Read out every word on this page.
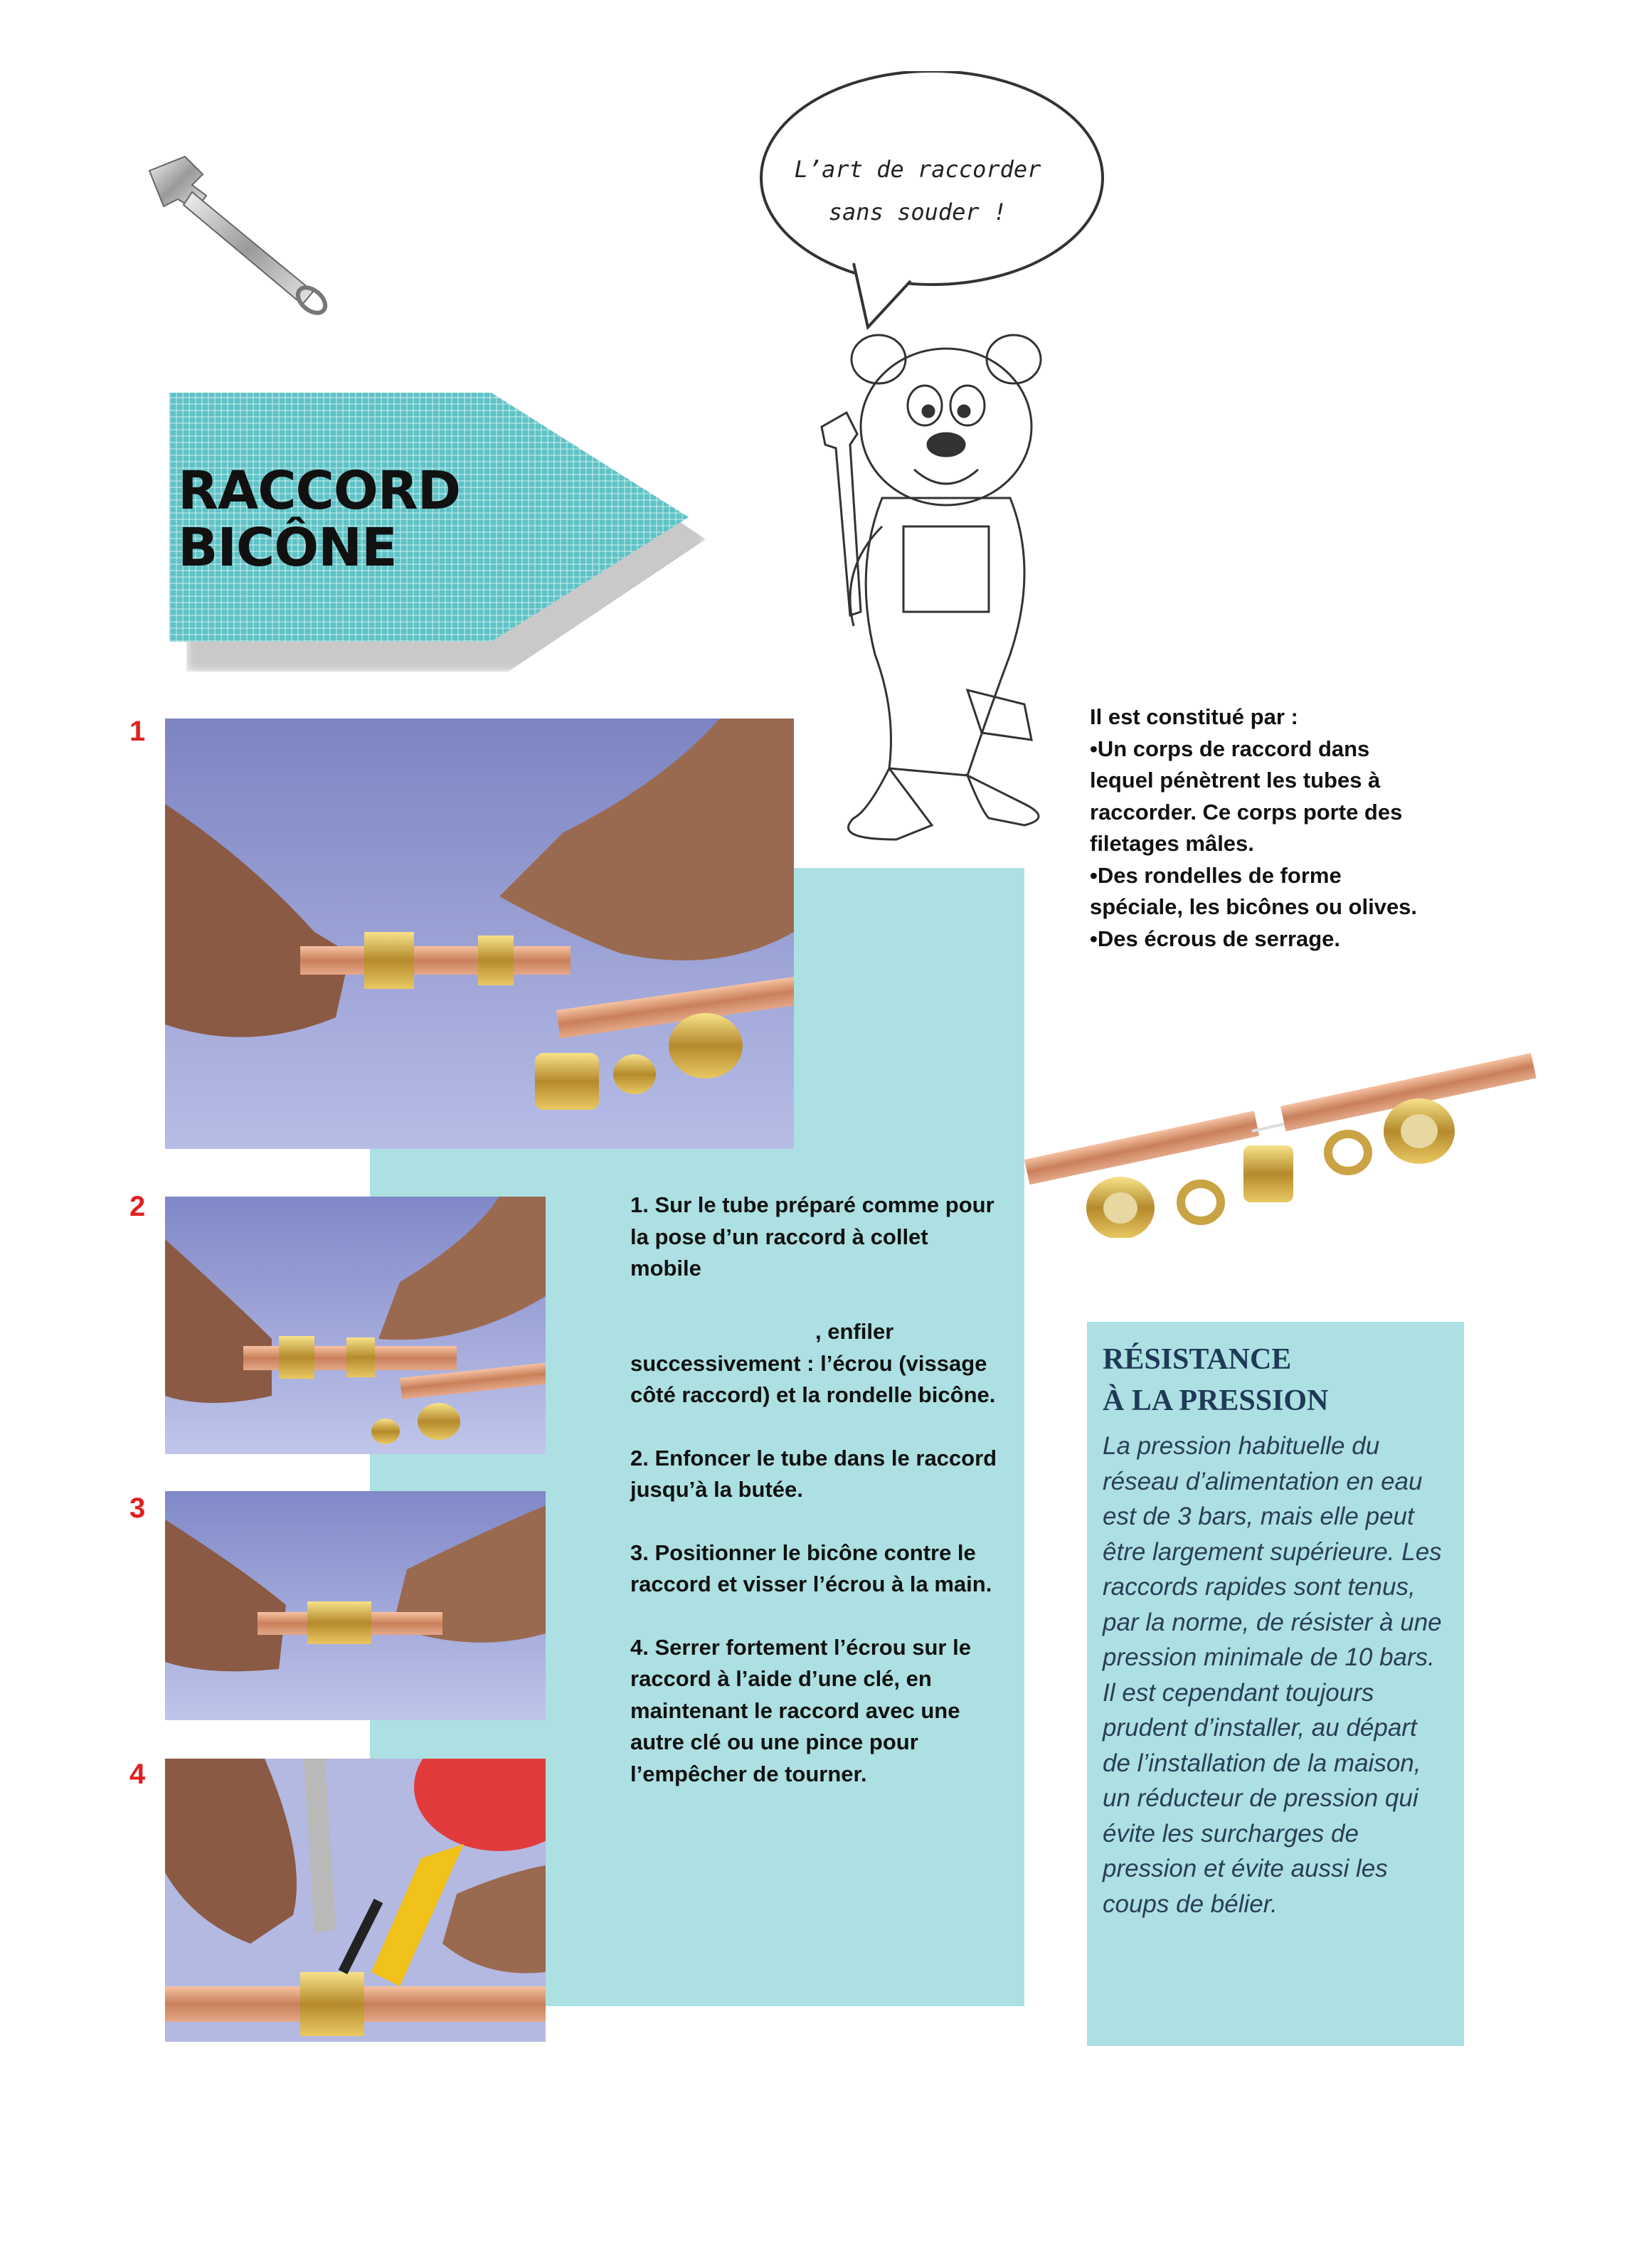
L’art de raccorder
sans souder !
RACCORD
BICÔNE
1
2
3
4
Il est constitué par :
•Un corps de raccord dans lequel pénètrent les tubes à raccorder. Ce corps porte des filetages mâles.
•Des rondelles de forme spéciale, les bicônes ou olives.
•Des écrous de serrage.
1. Sur le tube préparé comme pour la pose d’un raccord à collet mobile

, enfiler successivement : l’écrou (vissage côté raccord) et la rondelle bicône.
2. Enfoncer le tube dans le raccord jusqu’à la butée.
3. Positionner le bicône contre le raccord et visser l’écrou à la main.
4. Serrer fortement l’écrou sur le raccord à l’aide d’une clé, en maintenant le raccord avec une autre clé ou une pince pour l’empêcher de tourner.
RÉSISTANCE
À LA PRESSION
La pression habituelle du réseau d’alimentation en eau est de 3 bars, mais elle peut être largement supérieure. Les raccords rapides sont tenus, par la norme, de résister à une pression minimale de 10 bars. Il est cependant toujours prudent d’installer, au départ de l’installation de la maison, un réducteur de pression qui évite les surcharges de pression et évite aussi les coups de bélier.
